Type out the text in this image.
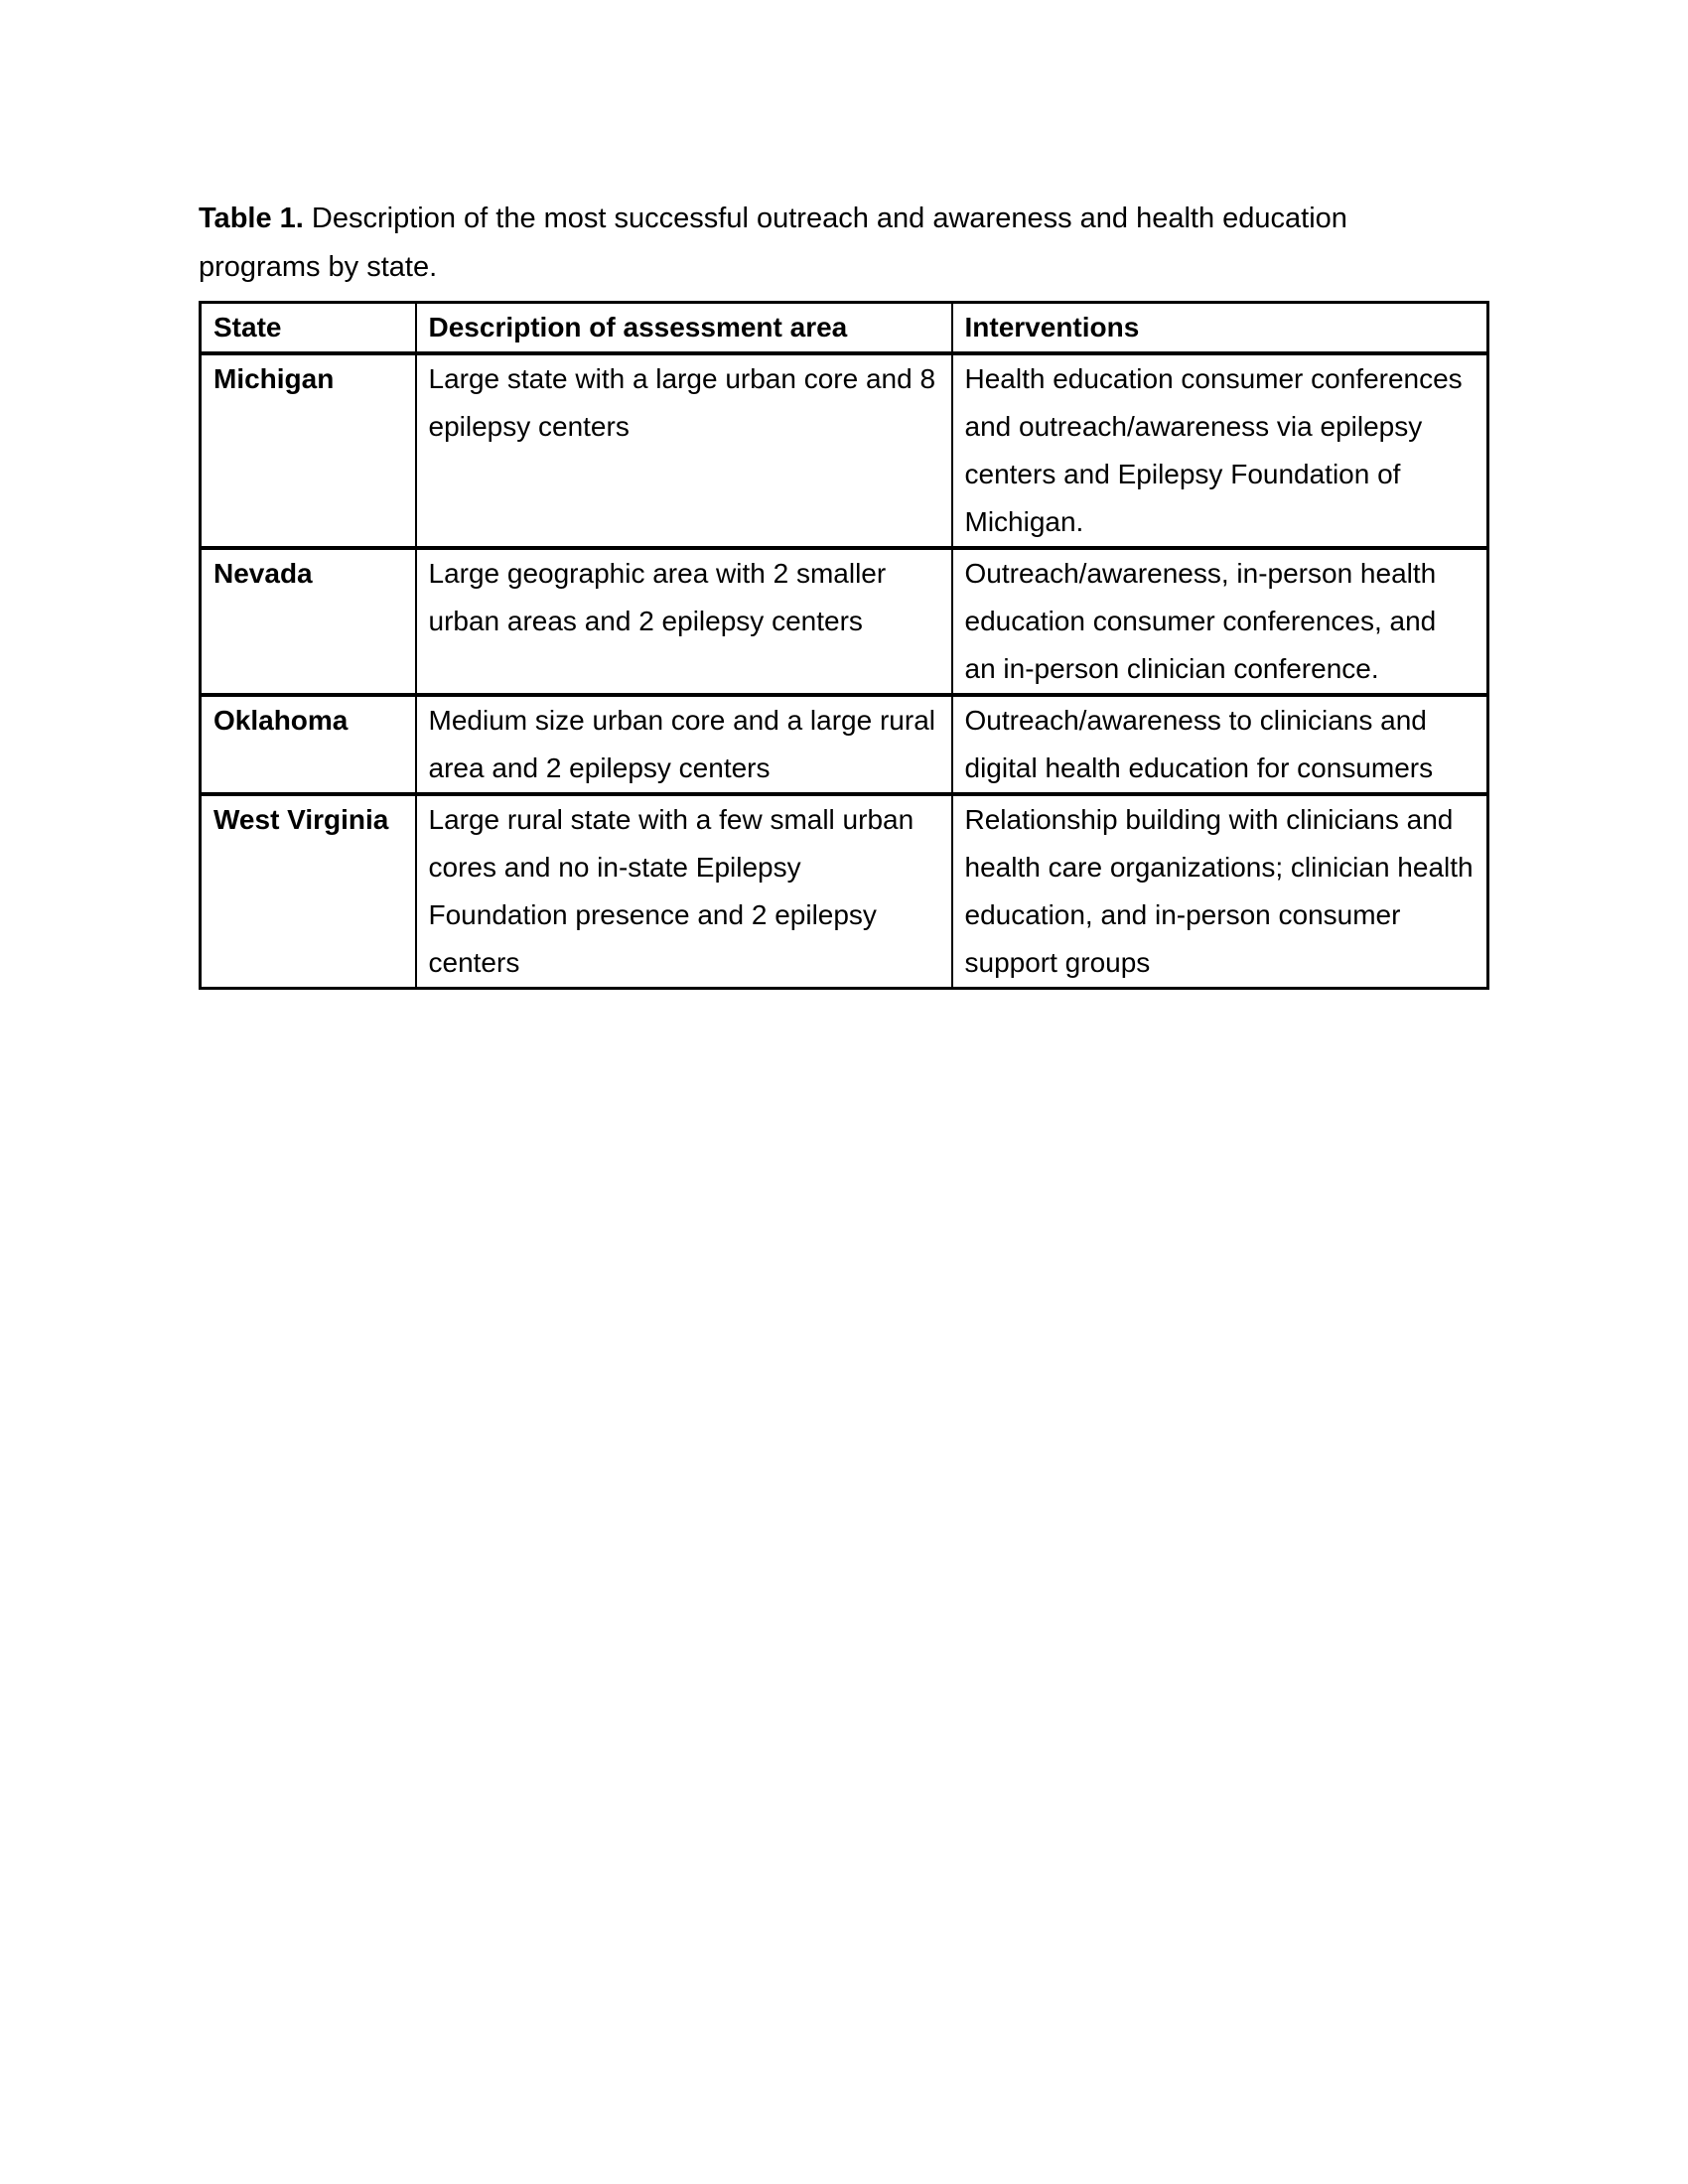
Table 1. Description of the most successful outreach and awareness and health education
programs by state.
State	Description of assessment area	Interventions
Michigan	Large state with a large urban core and 8 epilepsy centers	Health education consumer conferences and outreach/awareness via epilepsy centers and Epilepsy Foundation of Michigan.
Nevada	Large geographic area with 2 smaller urban areas and 2 epilepsy centers	Outreach/awareness, in-person health education consumer conferences, and an in-person clinician conference.
Oklahoma	Medium size urban core and a large rural area and 2 epilepsy centers	Outreach/awareness to clinicians and digital health education for consumers
West Virginia	Large rural state with a few small urban cores and no in-state Epilepsy Foundation presence and 2 epilepsy centers	Relationship building with clinicians and health care organizations; clinician health education, and in-person consumer support groups
